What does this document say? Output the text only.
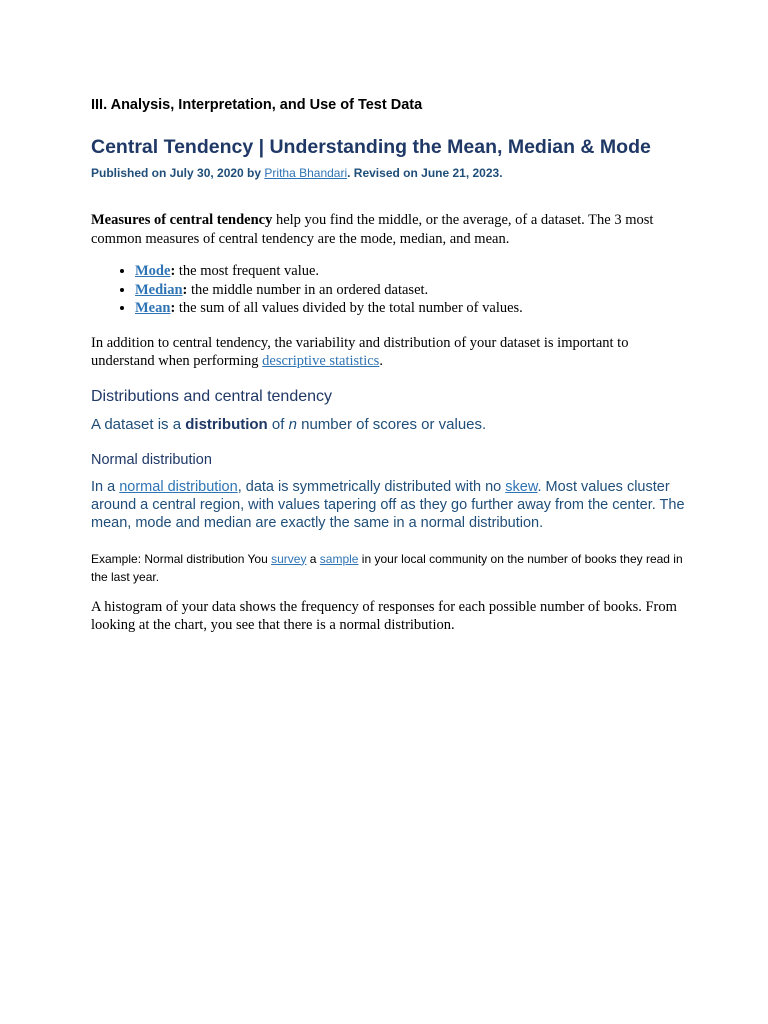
III. Analysis, Interpretation, and Use of Test Data
Central Tendency | Understanding the Mean, Median & Mode

Published on July 30, 2020 by Pritha Bhandari. Revised on June 21, 2023.

Measures of central tendency help you find the middle, or the average, of a dataset. The 3 most common measures of central tendency are the mode, median, and mean.

• Mode: the most frequent value.
• Median: the middle number in an ordered dataset.
• Mean: the sum of all values divided by the total number of values.

In addition to central tendency, the variability and distribution of your dataset is important to understand when performing descriptive statistics.

Distributions and central tendency

A dataset is a distribution of n number of scores or values.

Normal distribution

In a normal distribution, data is symmetrically distributed with no skew. Most values cluster around a central region, with values tapering off as they go further away from the center. The mean, mode and median are exactly the same in a normal distribution.

Example: Normal distribution You survey a sample in your local community on the number of books they read in the last year.

A histogram of your data shows the frequency of responses for each possible number of books. From looking at the chart, you see that there is a normal distribution.
